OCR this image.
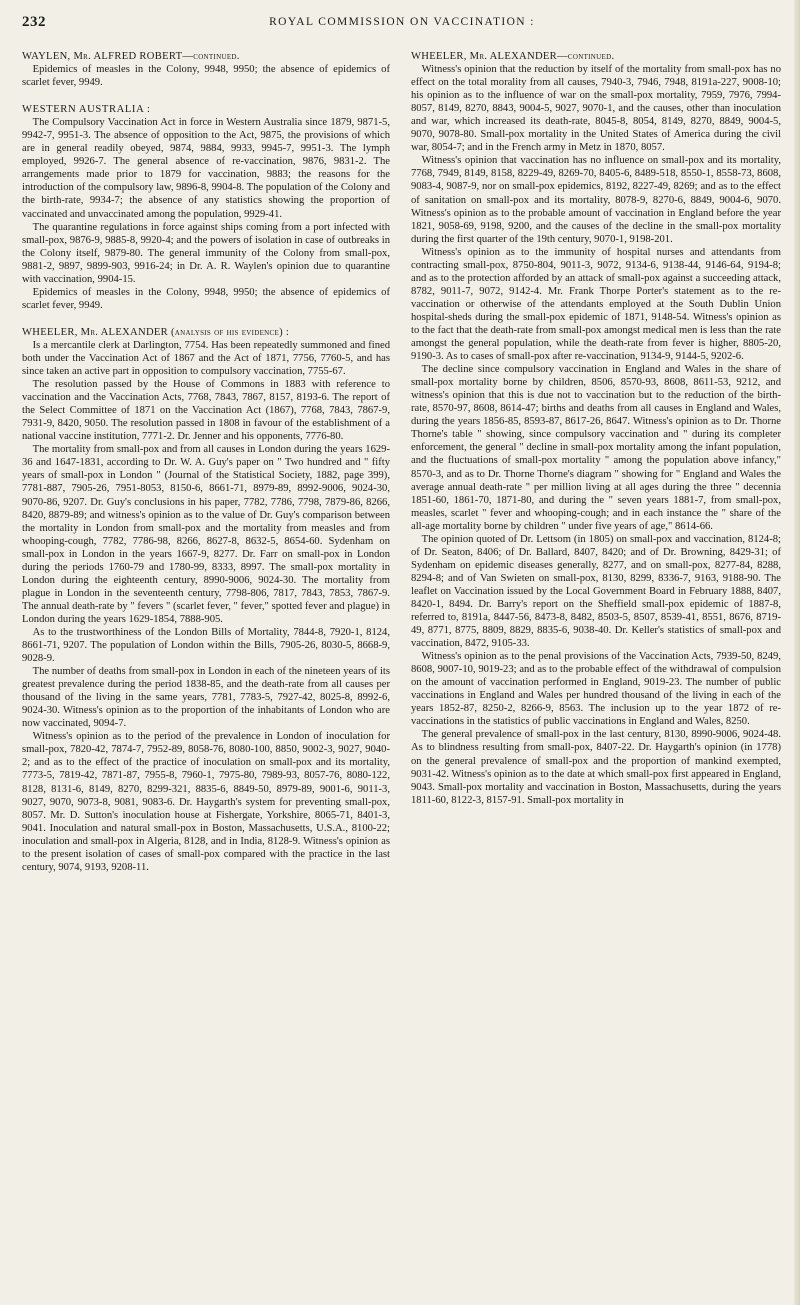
232	ROYAL COMMISSION ON VACCINATION :

WAYLEN, Mr. ALFRED ROBERT—continued.

Epidemics of measles in the Colony, 9948, 9950; the absence of epidemics of scarlet fever, 9949.

WESTERN AUSTRALIA :

The Compulsory Vaccination Act in force in Western Australia since 1879, 9871-5, 9942-7, 9951-3. The absence of opposition to the Act, 9875, the provisions of which are in general readily obeyed, 9874, 9884, 9933, 9945-7, 9951-3. The lymph employed, 9926-7. The general absence of re-vaccination, 9876, 9831-2. The arrangements made prior to 1879 for vaccination, 9883; the reasons for the introduction of the compulsory law, 9896-8, 9904-8. The population of the Colony and the birth-rate, 9934-7; the absence of any statistics showing the proportion of vaccinated and unvaccinated among the population, 9929-41.

The quarantine regulations in force against ships coming from a port infected with small-pox, 9876-9, 9885-8, 9920-4; and the powers of isolation in case of outbreaks in the Colony itself, 9879-80. The general immunity of the Colony from small-pox, 9881-2, 9897, 9899-903, 9916-24; in Dr. A. R. Waylen's opinion due to quarantine with vaccination, 9904-15.

Epidemics of measles in the Colony, 9948, 9950; the absence of epidemics of scarlet fever, 9949.

WHEELER, Mr. ALEXANDER (analysis of his evidence) :

Is a mercantile clerk at Darlington, 7754. Has been repeatedly summoned and fined both under the Vaccination Act of 1867 and the Act of 1871, 7756, 7760-5, and has since taken an active part in opposition to compulsory vaccination, 7755-67.

The resolution passed by the House of Commons in 1883 with reference to vaccination and the Vaccination Acts, 7768, 7843, 7867, 8157, 8193-6. The report of the Select Committee of 1871 on the Vaccination Act (1867), 7768, 7843, 7867-9, 7931-9, 8420, 9050. The resolution passed in 1808 in favour of the establishment of a national vaccine institution, 7771-2. Dr. Jenner and his opponents, 7776-80.

The mortality from small-pox and from all causes in London during the years 1629-36 and 1647-1831, according to Dr. W. A. Guy's paper on " Two hundred and " fifty years of small-pox in London " (Journal of the Statistical Society, 1882, page 399), 7781-887, 7905-26, 7951-8053, 8150-6, 8661-71, 8979-89, 8992-9006, 9024-30, 9070-86, 9207. Dr. Guy's conclusions in his paper, 7782, 7786, 7798, 7879-86, 8266, 8420, 8879-89; and witness's opinion as to the value of Dr. Guy's comparison between the mortality in London from small-pox and the mortality from measles and from whooping-cough, 7782, 7786-98, 8266, 8627-8, 8632-5, 8654-60. Sydenham on small-pox in London in the years 1667-9, 8277. Dr. Farr on small-pox in London during the periods 1760-79 and 1780-99, 8333, 8997. The small-pox mortality in London during the eighteenth century, 8990-9006, 9024-30. The mortality from plague in London in the seventeenth century, 7798-806, 7817, 7843, 7853, 7867-9. The annual death-rate by " fevers " (scarlet fever, " fever," spotted fever and plague) in London during the years 1629-1854, 7888-905.

As to the trustworthiness of the London Bills of Mortality, 7844-8, 7920-1, 8124, 8661-71, 9207. The population of London within the Bills, 7905-26, 8030-5, 8668-9, 9028-9.

The number of deaths from small-pox in London in each of the nineteen years of its greatest prevalence during the period 1838-85, and the death-rate from all causes per thousand of the living in the same years, 7781, 7783-5, 7927-42, 8025-8, 8992-6, 9024-30. Witness's opinion as to the proportion of the inhabitants of London who are now vaccinated, 9094-7.

Witness's opinion as to the period of the prevalence in London of inoculation for small-pox, 7820-42, 7874-7, 7952-89, 8058-76, 8080-100, 8850, 9002-3, 9027, 9040-2; and as to the effect of the practice of inoculation on small-pox and its mortality, 7773-5, 7819-42, 7871-87, 7955-8, 7960-1, 7975-80, 7989-93, 8057-76, 8080-122, 8128, 8131-6, 8149, 8270, 8299-321, 8835-6, 8849-50, 8979-89, 9001-6, 9011-3, 9027, 9070, 9073-8, 9081, 9083-6. Dr. Haygarth's system for preventing small-pox, 8057. Mr. D. Sutton's inoculation house at Fishergate, Yorkshire, 8065-71, 8401-3, 9041. Inoculation and natural small-pox in Boston, Massachusetts, U.S.A., 8100-22; inoculation and small-pox in Algeria, 8128, and in India, 8128-9. Witness's opinion as to the present isolation of cases of small-pox compared with the practice in the last century, 9074, 9193, 9208-11.

WHEELER, Mr. ALEXANDER—continued.

Witness's opinion that the reduction by itself of the mortality from small-pox has no effect on the total morality from all causes, 7940-3, 7946, 7948, 8191a-227, 9008-10; his opinion as to the influence of war on the small-pox mortality, 7959, 7976, 7994-8057, 8149, 8270, 8843, 9004-5, 9027, 9070-1, and the causes, other than inoculation and war, which increased its death-rate, 8045-8, 8054, 8149, 8270, 8849, 9004-5, 9070, 9078-80. Small-pox mortality in the United States of America during the civil war, 8054-7; and in the French army in Metz in 1870, 8057.

Witness's opinion that vaccination has no influence on small-pox and its mortality, 7768, 7949, 8149, 8158, 8229-49, 8269-70, 8405-6, 8489-518, 8550-1, 8558-73, 8608, 9083-4, 9087-9, nor on small-pox epidemics, 8192, 8227-49, 8269; and as to the effect of sanitation on small-pox and its mortality, 8078-9, 8270-6, 8849, 9004-6, 9070. Witness's opinion as to the probable amount of vaccination in England before the year 1821, 9058-69, 9198, 9200, and the causes of the decline in the small-pox mortality during the first quarter of the 19th century, 9070-1, 9198-201.

Witness's opinion as to the immunity of hospital nurses and attendants from contracting small-pox, 8750-804, 9011-3, 9072, 9134-6, 9138-44, 9146-64, 9194-8; and as to the protection afforded by an attack of small-pox against a succeeding attack, 8782, 9011-7, 9072, 9142-4. Mr. Frank Thorpe Porter's statement as to the re-vaccination or otherwise of the attendants employed at the South Dublin Union hospital-sheds during the small-pox epidemic of 1871, 9148-54. Witness's opinion as to the fact that the death-rate from small-pox amongst medical men is less than the rate amongst the general population, while the death-rate from fever is higher, 8805-20, 9190-3. As to cases of small-pox after re-vaccination, 9134-9, 9144-5, 9202-6.

The decline since compulsory vaccination in England and Wales in the share of small-pox mortality borne by children, 8506, 8570-93, 8608, 8611-53, 9212, and witness's opinion that this is due not to vaccination but to the reduction of the birth-rate, 8570-97, 8608, 8614-47; births and deaths from all causes in England and Wales, during the years 1856-85, 8593-87, 8617-26, 8647. Witness's opinion as to Dr. Thorne Thorne's table " showing, since compulsory vaccination and " during its completer enforcement, the general " decline in small-pox mortality among the infant population, and the fluctuations of small-pox mortality " among the population above infancy," 8570-3, and as to Dr. Thorne Thorne's diagram " showing for " England and Wales the average annual death-rate " per million living at all ages during the three " decennia 1851-60, 1861-70, 1871-80, and during the " seven years 1881-7, from small-pox, measles, scarlet " fever and whooping-cough; and in each instance the " share of the all-age mortality borne by children " under five years of age," 8614-66.

The opinion quoted of Dr. Lettsom (in 1805) on small-pox and vaccination, 8124-8; of Dr. Seaton, 8406; of Dr. Ballard, 8407, 8420; and of Dr. Browning, 8429-31; of Sydenham on epidemic diseases generally, 8277, and on small-pox, 8277-84, 8288, 8294-8; and of Van Swieten on small-pox, 8130, 8299, 8336-7, 9163, 9188-90. The leaflet on Vaccination issued by the Local Government Board in February 1888, 8407, 8420-1, 8494. Dr. Barry's report on the Sheffield small-pox epidemic of 1887-8, referred to, 8191a, 8447-56, 8473-8, 8482, 8503-5, 8507, 8539-41, 8551, 8676, 8719-49, 8771, 8775, 8809, 8829, 8835-6, 9038-40. Dr. Keller's statistics of small-pox and vaccination, 8472, 9105-33.

Witness's opinion as to the penal provisions of the Vaccination Acts, 7939-50, 8249, 8608, 9007-10, 9019-23; and as to the probable effect of the withdrawal of compulsion on the amount of vaccination performed in England, 9019-23. The number of public vaccinations in England and Wales per hundred thousand of the living in each of the years 1852-87, 8250-2, 8266-9, 8563. The inclusion up to the year 1872 of re-vaccinations in the statistics of public vaccinations in England and Wales, 8250.

The general prevalence of small-pox in the last century, 8130, 8990-9006, 9024-48. As to blindness resulting from small-pox, 8407-22. Dr. Haygarth's opinion (in 1778) on the general prevalence of small-pox and the proportion of mankind exempted, 9031-42. Witness's opinion as to the date at which small-pox first appeared in England, 9043. Small-pox mortality and vaccination in Boston, Massachusetts, during the years 1811-60, 8122-3, 8157-91. Small-pox mortality in
